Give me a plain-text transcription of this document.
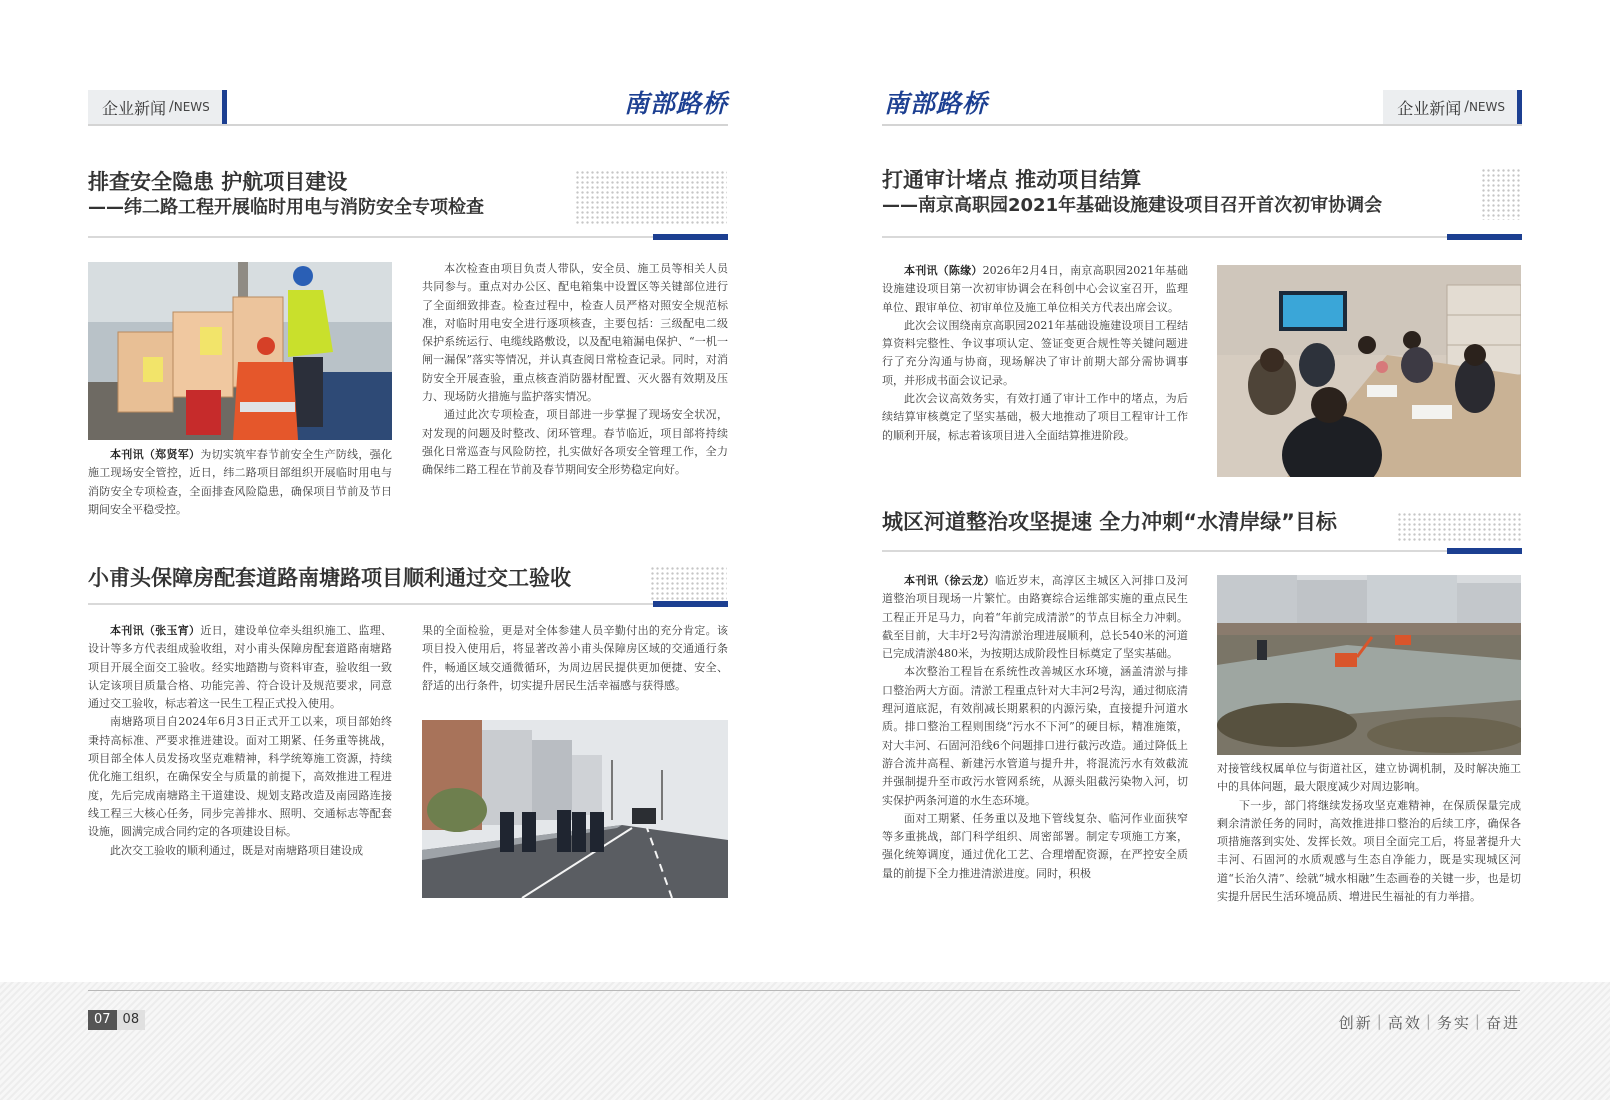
企业新闻 / NEWS	南部路桥
排查安全隐患 护航项目建设
——纬二路工程开展临时用电与消防安全专项检查

本刊讯（郑贤军）为切实筑牢春节前安全生产防线，强化施工现场安全管控，近日，纬二路项目部组织开展临时用电与消防安全专项检查，全面排查风险隐患，确保项目节前及节日期间安全平稳受控。

本次检查由项目负责人带队，安全员、施工员等相关人员共同参与。重点对办公区、配电箱集中设置区等关键部位进行了全面细致排查。检查过程中，检查人员严格对照安全规范标准，对临时用电安全进行逐项核查，主要包括：三级配电二级保护系统运行、电缆线路敷设，以及配电箱漏电保护、“一机一闸一漏保”落实等情况，并认真查阅日常检查记录。同时，对消防安全开展查验，重点核查消防器材配置、灭火器有效期及压力、现场防火措施与监护落实情况。

通过此次专项检查，项目部进一步掌握了现场安全状况，对发现的问题及时整改、闭环管理。春节临近，项目部将持续强化日常巡查与风险防控，扎实做好各项安全管理工作，全力确保纬二路工程在节前及春节期间安全形势稳定向好。

小甫头保障房配套道路南塘路项目顺利通过交工验收

本刊讯（张玉宵）近日，建设单位牵头组织施工、监理、设计等多方代表组成验收组，对小甫头保障房配套道路南塘路项目开展全面交工验收。经实地踏勘与资料审查，验收组一致认定该项目质量合格、功能完善、符合设计及规范要求，同意通过交工验收，标志着这一民生工程正式投入使用。

南塘路项目自2024年6月3日正式开工以来，项目部始终秉持高标准、严要求推进建设。面对工期紧、任务重等挑战，项目部全体人员发扬攻坚克难精神，科学统筹施工资源，持续优化施工组织，在确保安全与质量的前提下，高效推进工程进度，先后完成南塘路主干道建设、规划支路改造及南园路连接线工程三大核心任务，同步完善排水、照明、交通标志等配套设施，圆满完成合同约定的各项建设目标。

此次交工验收的顺利通过，既是对南塘路项目建设成

果的全面检验，更是对全体参建人员辛勤付出的充分肯定。该项目投入使用后，将显著改善小甫头保障房区域的交通通行条件，畅通区域交通微循环，为周边居民提供更加便捷、安全、舒适的出行条件，切实提升居民生活幸福感与获得感。

南部路桥	企业新闻 / NEWS
打通审计堵点 推动项目结算
——南京高职园2021年基础设施建设项目召开首次初审协调会

本刊讯（陈缘）2026年2月4日，南京高职园2021年基础设施建设项目第一次初审协调会在科创中心会议室召开，监理单位、跟审单位、初审单位及施工单位相关方代表出席会议。

此次会议围绕南京高职园2021年基础设施建设项目工程结算资料完整性、争议事项认定、签证变更合规性等关键问题进行了充分沟通与协商，现场解决了审计前期大部分需协调事项，并形成书面会议记录。

此次会议高效务实，有效打通了审计工作中的堵点，为后续结算审核奠定了坚实基础，极大地推动了项目工程审计工作的顺利开展，标志着该项目进入全面结算推进阶段。

城区河道整治攻坚提速 全力冲刺“水清岸绿”目标

本刊讯（徐云龙）临近岁末，高淳区主城区入河排口及河道整治项目现场一片繁忙。由路赛综合运维部实施的重点民生工程正开足马力，向着“年前完成清淤”的节点目标全力冲刺。截至目前，大丰圩2号沟清淤治理进展顺利，总长540米的河道已完成清淤480米，为按期达成阶段性目标奠定了坚实基础。

本次整治工程旨在系统性改善城区水环境，涵盖清淤与排口整治两大方面。清淤工程重点针对大丰河2号沟，通过彻底清理河道底泥，有效削减长期累积的内源污染，直接提升河道水质。排口整治工程则围绕“污水不下河”的硬目标，精准施策，对大丰河、石固河沿线6个问题排口进行截污改造。通过降低上游合流井高程、新建污水管道与提升井，将混流污水有效截流并强制提升至市政污水管网系统，从源头阻截污染物入河，切实保护两条河道的水生态环境。

面对工期紧、任务重以及地下管线复杂、临河作业面狭窄等多重挑战，部门科学组织、周密部署。制定专项施工方案，强化统筹调度，通过优化工艺、合理增配资源，在严控安全质量的前提下全力推进清淤进度。同时，积极

对接管线权属单位与街道社区，建立协调机制，及时解决施工中的具体问题，最大限度减少对周边影响。

下一步，部门将继续发扬攻坚克难精神，在保质保量完成剩余清淤任务的同时，高效推进排口整治的后续工序，确保各项措施落到实处、发挥长效。项目全面完工后，将显著提升大丰河、石固河的水质观感与生态自净能力，既是实现城区河道“长治久清”、绘就“城水相融”生态画卷的关键一步，也是切实提升居民生活环境品质、增进民生福祉的有力举措。

07 08	创新 | 高效 | 务实 | 奋进
